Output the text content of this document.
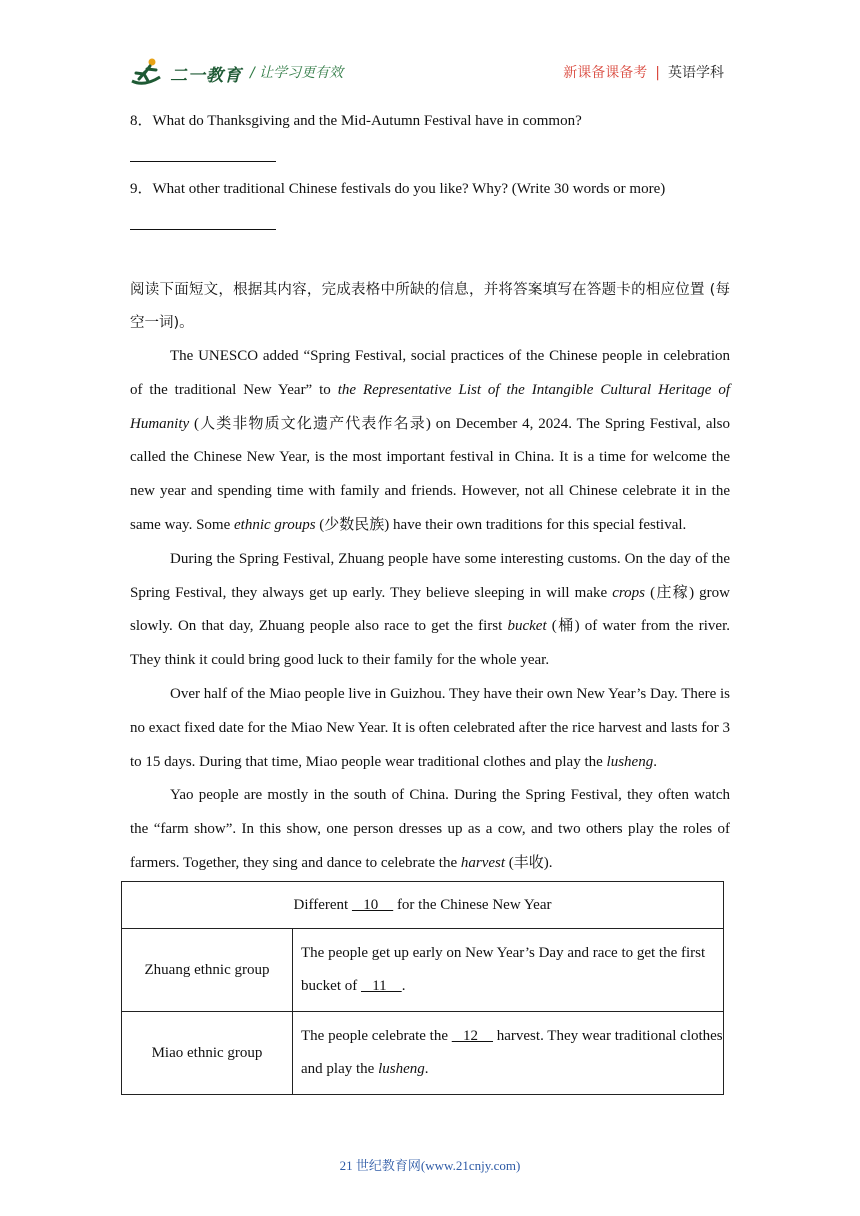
二一教育 / 让学习更有效	新课备课备考 | 英语学科

8．What do Thanksgiving and the Mid-Autumn Festival have in common?

9．What other traditional Chinese festivals do you like? Why? (Write 30 words or more)

阅读下面短文，根据其内容，完成表格中所缺的信息，并将答案填写在答题卡的相应位置 (每空一词)。

The UNESCO added “Spring Festival, social practices of the Chinese people in celebration of the traditional New Year” to the Representative List of the Intangible Cultural Heritage of Humanity (人类非物质文化遗产代表作名录) on December 4, 2024. The Spring Festival, also called the Chinese New Year, is the most important festival in China. It is a time for welcome the new year and spending time with family and friends. However, not all Chinese celebrate it in the same way. Some ethnic groups (少数民族) have their own traditions for this special festival.

During the Spring Festival, Zhuang people have some interesting customs. On the day of the Spring Festival, they always get up early. They believe sleeping in will make crops (庄稼) grow slowly. On that day, Zhuang people also race to get the first bucket (桶) of water from the river. They think it could bring good luck to their family for the whole year.

Over half of the Miao people live in Guizhou. They have their own New Year’s Day. There is no exact fixed date for the Miao New Year. It is often celebrated after the rice harvest and lasts for 3 to 15 days. During that time, Miao people wear traditional clothes and play the lusheng.

Yao people are mostly in the south of China. During the Spring Festival, they often watch the “farm show”. In this show, one person dresses up as a cow, and two others play the roles of farmers. Together, they sing and dance to celebrate the harvest (丰收).

Different    10     for the Chinese New Year	
Zhuang ethnic group	The people get up early on New Year’s Day and race to get the first bucket of    11    .
Miao ethnic group	The people celebrate the    12     harvest. They wear traditional clothes and play the lusheng.
21 世纪教育网(www.21cnjy.com)
